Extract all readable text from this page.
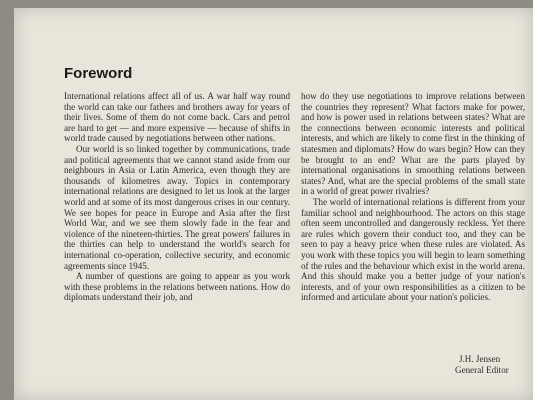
Foreword

International relations affect all of us. A war half way round the world can take our fathers and brothers away for years of their lives. Some of them do not come back. Cars and petrol are hard to get — and more expensive — because of shifts in world trade caused by negotiations between other nations.

Our world is so linked together by communications, trade and political agreements that we cannot stand aside from our neighbours in Asia or Latin America, even though they are thousands of kilometres away. Topics in contemporary international relations are designed to let us look at the larger world and at some of its most dangerous crises in our century. We see hopes for peace in Europe and Asia after the first World War, and we see them slowly fade in the fear and violence of the nineteen-thirties. The great powers' failures in the thirties can help to understand the world's search for international co-operation, collective security, and economic agreements since 1945.

A number of questions are going to appear as you work with these problems in the relations between nations. How do diplomats understand their job, and

how do they use negotiations to improve relations between the countries they represent? What factors make for power, and how is power used in relations between states? What are the connections between economic interests and political interests, and which are likely to come first in the thinking of statesmen and diplomats? How do wars begin? How can they be brought to an end? What are the parts played by international organisations in smoothing relations between states? And, what are the special problems of the small state in a world of great power rivalries?

The world of international relations is different from your familiar school and neighbourhood. The actors on this stage often seem uncontrolled and dangerously reckless. Yet there are rules which govern their conduct too, and they can be seen to pay a heavy price when these rules are violated. As you work with these topics you will begin to learn something of the rules and the behaviour which exist in the world arena. And this should make you a better judge of your nation's interests, and of your own responsibilities as a citizen to be informed and articulate about your nation's policies.

J.H. Jensen
General Editor
